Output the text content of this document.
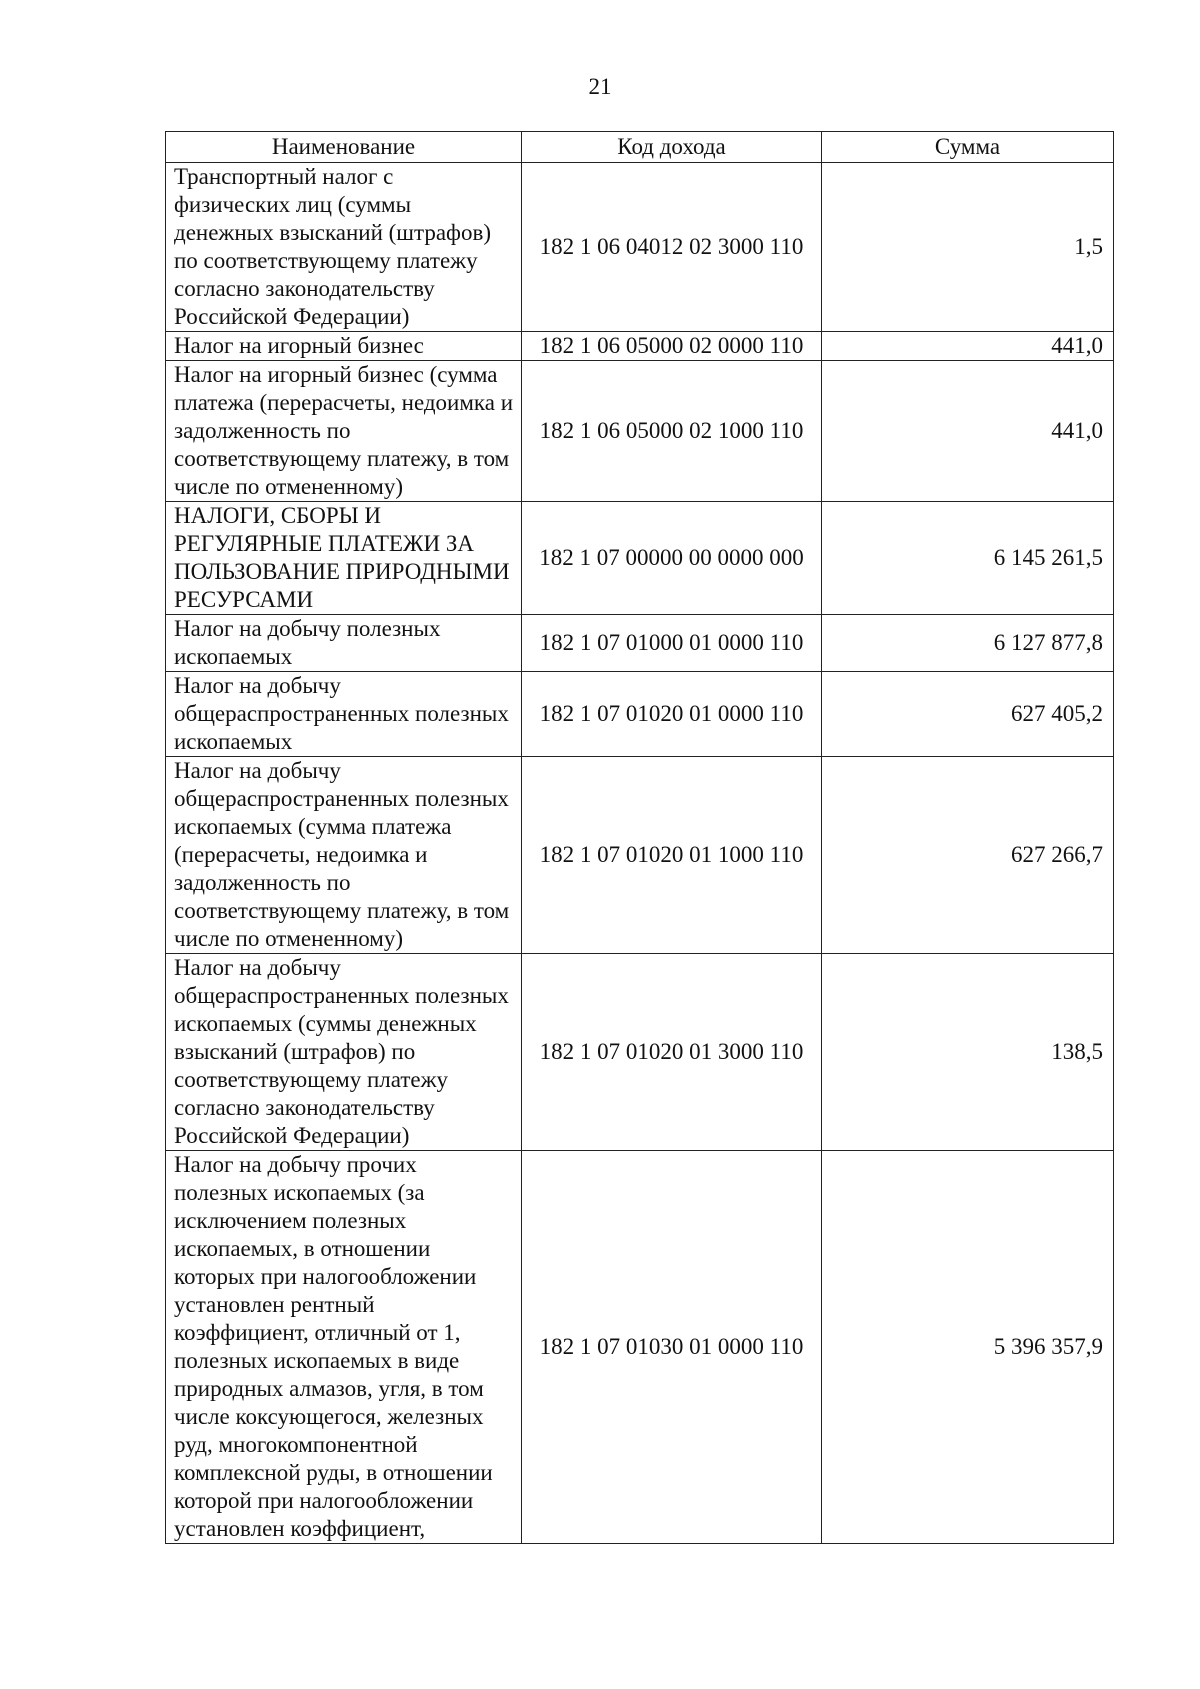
21
Наименование	Код дохода	Сумма
Транспортный налог с физических лиц (суммы денежных взысканий (штрафов) по соответствующему платежу согласно законодательству Российской Федерации)	182 1 06 04012 02 3000 110	1,5
Налог на игорный бизнес	182 1 06 05000 02 0000 110	441,0
Налог на игорный бизнес (сумма платежа (перерасчеты, недоимка и задолженность по соответствующему платежу, в том числе по отмененному)	182 1 06 05000 02 1000 110	441,0
НАЛОГИ, СБОРЫ И РЕГУЛЯРНЫЕ ПЛАТЕЖИ ЗА ПОЛЬЗОВАНИЕ ПРИРОДНЫМИ РЕСУРСАМИ	182 1 07 00000 00 0000 000	6 145 261,5
Налог на добычу полезных ископаемых	182 1 07 01000 01 0000 110	6 127 877,8
Налог на добычу общераспространенных полезных ископаемых	182 1 07 01020 01 0000 110	627 405,2
Налог на добычу общераспространенных полезных ископаемых (сумма платежа (перерасчеты, недоимка и задолженность по соответствующему платежу, в том числе по отмененному)	182 1 07 01020 01 1000 110	627 266,7
Налог на добычу общераспространенных полезных ископаемых (суммы денежных взысканий (штрафов) по соответствующему платежу согласно законодательству Российской Федерации)	182 1 07 01020 01 3000 110	138,5
Налог на добычу прочих полезных ископаемых (за исключением полезных ископаемых, в отношении которых при налогообложении установлен рентный коэффициент, отличный от 1, полезных ископаемых в виде природных алмазов, угля, в том числе коксующегося, железных руд, многокомпонентной комплексной руды, в отношении которой при налогообложении установлен коэффициент,	182 1 07 01030 01 0000 110	5 396 357,9
